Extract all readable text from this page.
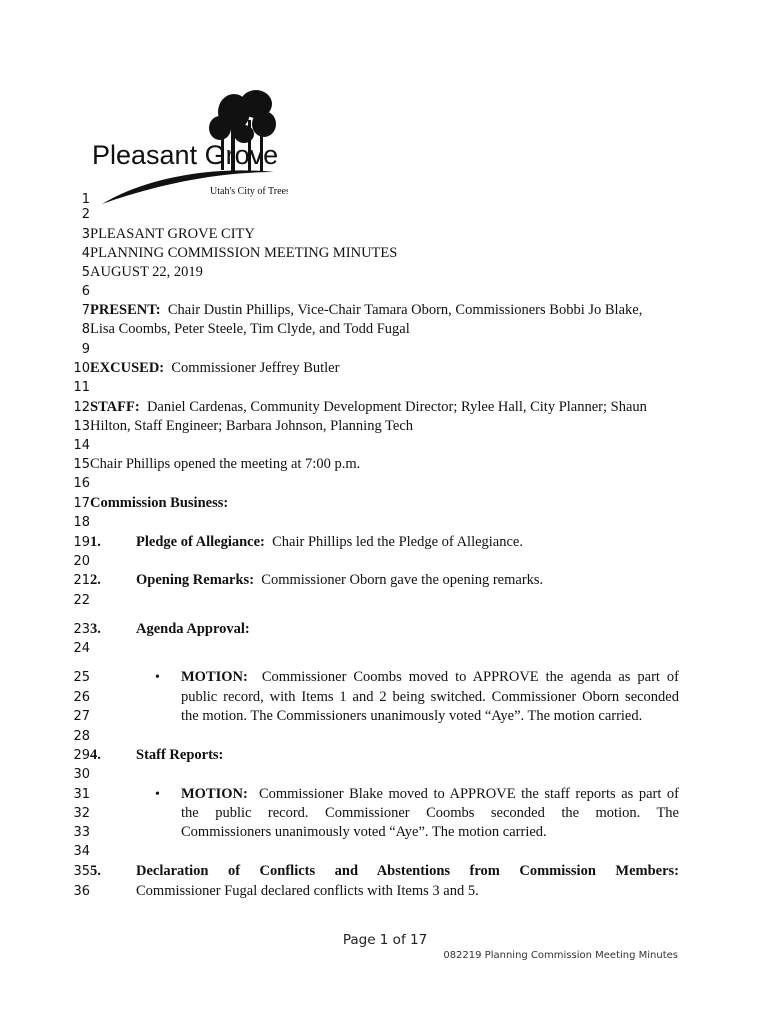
Pleasant Grove
Utah's City of Trees
1
2
3 PLEASANT GROVE CITY
4 PLANNING COMMISSION MEETING MINUTES
5 AUGUST 22, 2019
6
7 PRESENT: Chair Dustin Phillips, Vice-Chair Tamara Oborn, Commissioners Bobbi Jo Blake,
8 Lisa Coombs, Peter Steele, Tim Clyde, and Todd Fugal
9
10 EXCUSED: Commissioner Jeffrey Butler
11
12 STAFF: Daniel Cardenas, Community Development Director; Rylee Hall, City Planner; Shaun
13 Hilton, Staff Engineer; Barbara Johnson, Planning Tech
14
15 Chair Phillips opened the meeting at 7:00 p.m.
16
17 Commission Business:
18
19 1. Pledge of Allegiance: Chair Phillips led the Pledge of Allegiance.
20
21 2. Opening Remarks: Commissioner Oborn gave the opening remarks.
22
23 3. Agenda Approval:
24
25	• MOTION: Commissioner Coombs moved to APPROVE the agenda as part of
26	public record, with Items 1 and 2 being switched. Commissioner Oborn seconded
27	the motion. The Commissioners unanimously voted “Aye”. The motion carried.
28
29 4. Staff Reports:
30
31	• MOTION: Commissioner Blake moved to APPROVE the staff reports as part of
32	the public record. Commissioner Coombs seconded the motion. The
33	Commissioners unanimously voted “Aye”. The motion carried.
34
35 5. Declaration of Conflicts and Abstentions from Commission Members:
36	Commissioner Fugal declared conflicts with Items 3 and 5.
Page 1 of 17
082219 Planning Commission Meeting Minutes
